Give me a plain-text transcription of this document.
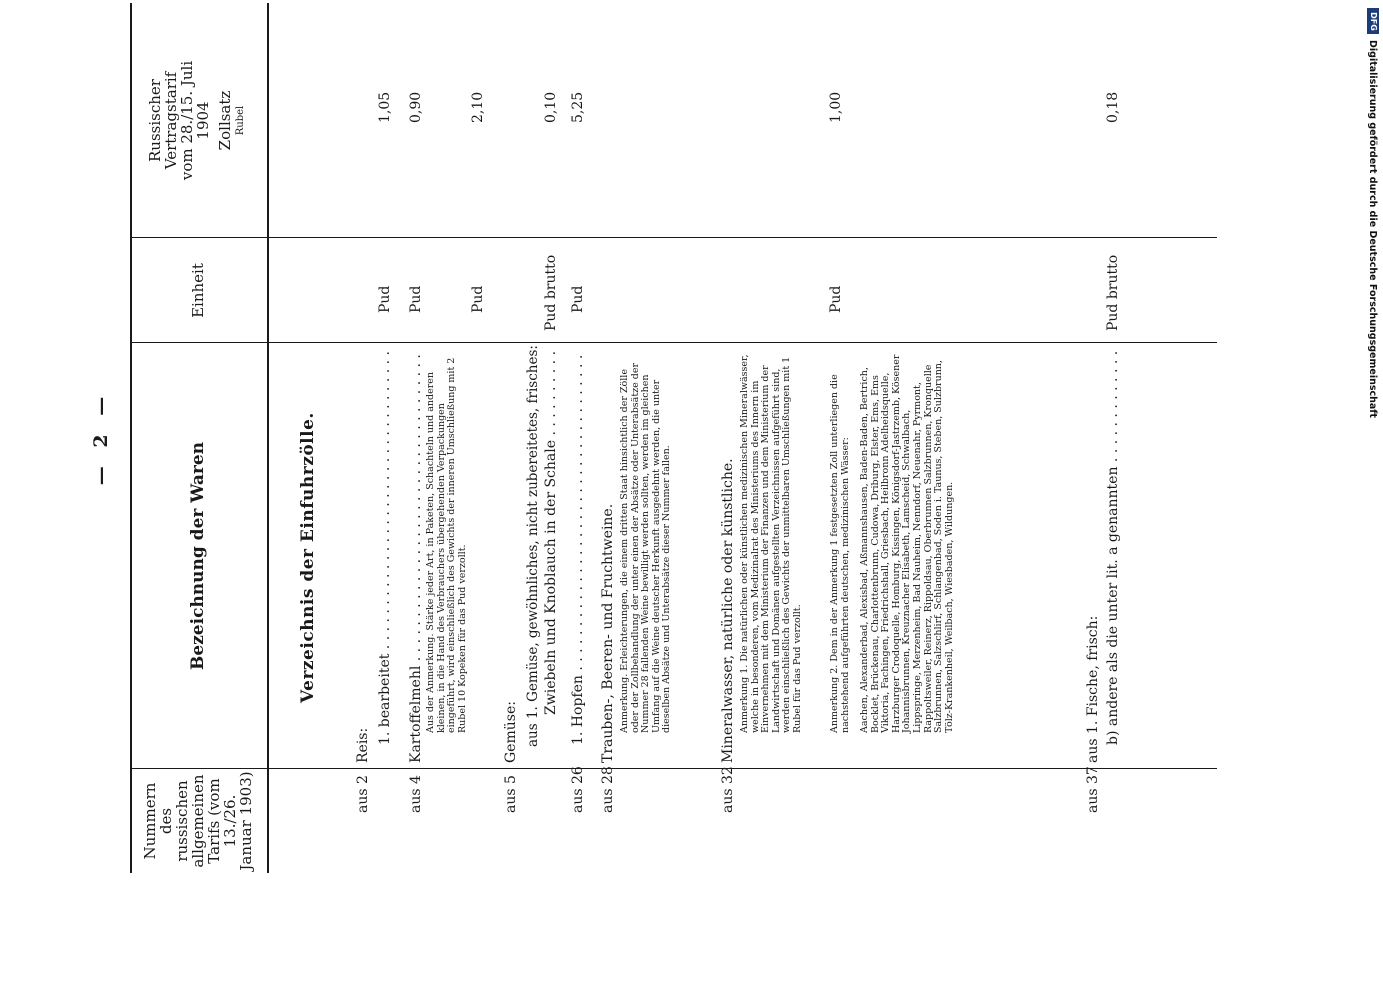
— 2 —
Nummern des russischen allgemeinen Tarifs (vom 13./26. Januar 1903)
Bezeichnung der Waren
Einheit
Russischer Vertragstarif vom 28./15. Juli 1904 Zollsatz Rubel
Verzeichnis der Einfuhrzölle.
aus 2
Reis:
1. bearbeitet . . .
Pud
1,05
aus 4
Kartoffelmehl . . .
Pud
0,90
Aus der Anmerkung. Stärke jeder Art, in Paketen, Schachteln und anderen kleinen, in die Hand des Verbrauchers übergehenden Verpackungen eingeführt, wird einschließlich des Gewichts der inneren Umschließung mit 2 Rubel 10 Kopeken für das Pud verzollt.
Pud
2,10
aus 5
Gemüse: aus 1. Gemüse, gewöhnliches, nicht zubereitetes, frisches: Zwiebeln und Knoblauch in der Schale . . .
Pud brutto
0,10
aus 26
1. Hopfen . . .
Pud
5,25
aus 28
Trauben-, Beeren- und Fruchtweine. Anmerkung. Erleichterungen, die einem dritten Staat hinsichtlich der Zölle oder der Zollbehandlung der unter einen der Absätze oder Unterabsätze der Nummer 28 fallenden Weine bewilligt werden sollten, werden im gleichen Umfang auf die Weine deutscher Herkunft ausgedehnt werden, die unter dieselben Absätze und Unterabsätze dieser Nummer fallen.
aus 32
Mineralwasser, natürliche oder künstliche. Anmerkung 1. Die natürlichen oder künstlichen medizinischen Mineralwässer, welche in besonderen, vom Medizinalrat des Ministeriums des Innern im Einvernehmen mit dem Ministerium der Finanzen und dem Ministerium der Landwirtschaft und Domänen aufgestellten Verzeichnissen aufgeführt sind, werden einschließlich des Gewichts der unmittelbaren Umschließungen mit 1 Rubel für das Pud verzollt.
Pud
1,00
Anmerkung 2. Dem in der Anmerkung 1 festgesetzten Zoll unterliegen die nachstehend aufgeführten deutschen, medizinischen Wässer: Aachen, Alexanderbad, Alexisbad, Aßmannshausen, Baden-Baden, Bertrich, Bocklet, Brückenau, Charlottenbrunn, Cudowa, Driburg, Elster, Ems, Ems Viktoria, Fachingen, Friedrichshall, Griesbach, Heilbronn Adelheidsquelle, Harzburger Crodoquelle, Homburg, Kissingen, Königsdorf-Jastrzemb, Kösener Johannisbrunnen, Kreuznacher Elisabeth, Lamscheid, Schwalbach, Lippspringe, Merzenheim, Bad Nauheim, Nenndorf, Neuenahr, Pyrmont, Rappoltsweiler, Reinerz, Rippoldsau, Oberbrunnen Salzbrunnen, Kronquelle Salzbrunnen, Salzschlirf, Schlangenbad, Soden i. Taunus, Steben, Sulzbrunn, Tölz-Krankenheil, Weilbach, Wiesbaden, Wildungen.
aus 37
aus 1. Fische, frisch: b) andere als die unter lit. a genannten . . .
Pud brutto
0,18
DFG
Digitalisierung gefördert durch die Deutsche Forschungsgemeinschaft
